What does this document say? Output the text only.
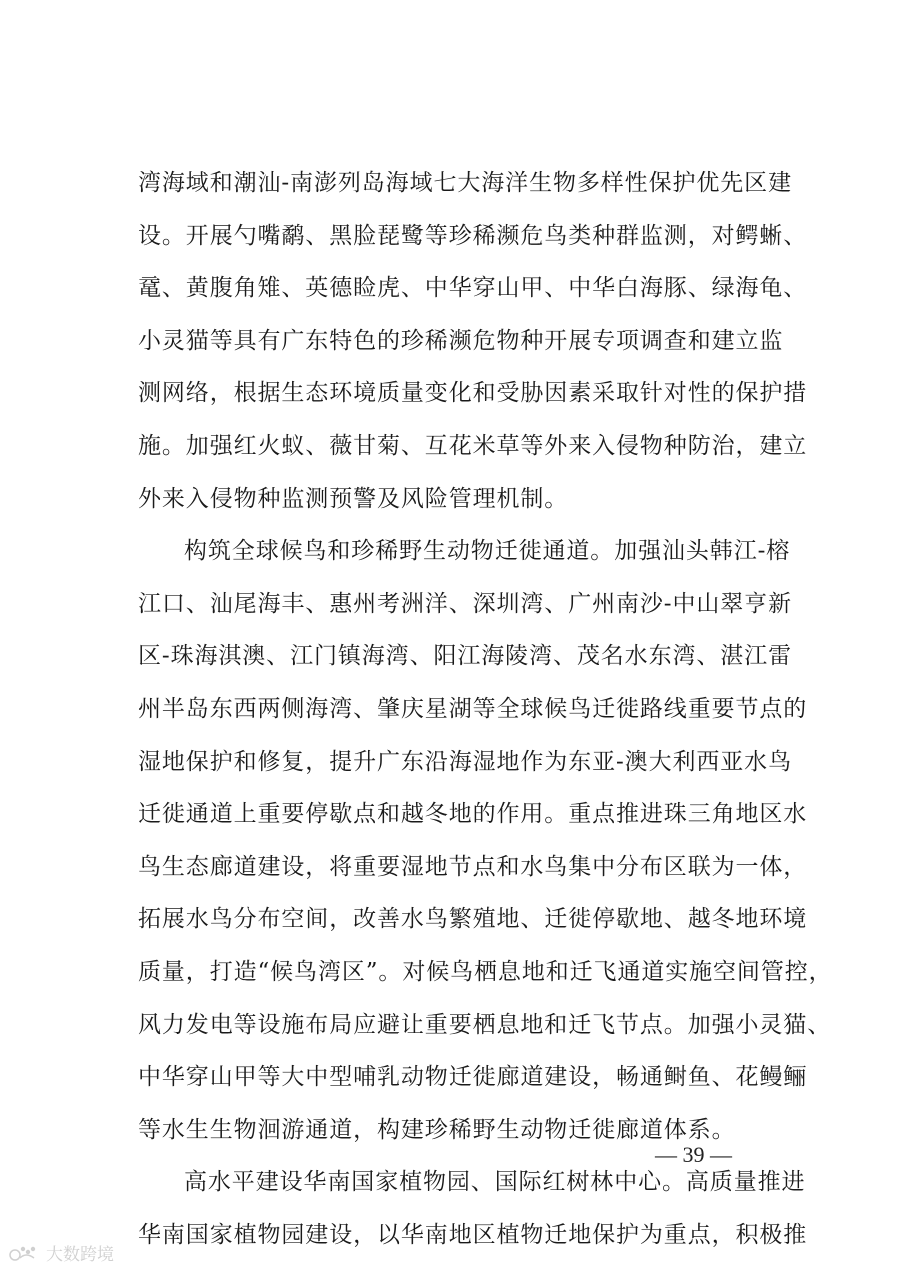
湾海域和潮汕-南澎列岛海域七大海洋生物多样性保护优先区建
设。开展勺嘴鹬、黑脸琵鹭等珍稀濒危鸟类种群监测，对鳄蜥、
鼋、黄腹角雉、英德睑虎、中华穿山甲、中华白海豚、绿海龟、
小灵猫等具有广东特色的珍稀濒危物种开展专项调查和建立监
测网络，根据生态环境质量变化和受胁因素采取针对性的保护措
施。加强红火蚁、薇甘菊、互花米草等外来入侵物种防治，建立
外来入侵物种监测预警及风险管理机制。
构筑全球候鸟和珍稀野生动物迁徙通道。加强汕头韩江-榕
江口、汕尾海丰、惠州考洲洋、深圳湾、广州南沙-中山翠亨新
区-珠海淇澳、江门镇海湾、阳江海陵湾、茂名水东湾、湛江雷
州半岛东西两侧海湾、肇庆星湖等全球候鸟迁徙路线重要节点的
湿地保护和修复，提升广东沿海湿地作为东亚-澳大利西亚水鸟
迁徙通道上重要停歇点和越冬地的作用。重点推进珠三角地区水
鸟生态廊道建设，将重要湿地节点和水鸟集中分布区联为一体，
拓展水鸟分布空间，改善水鸟繁殖地、迁徙停歇地、越冬地环境
质量，打造“候鸟湾区”。对候鸟栖息地和迁飞通道实施空间管控，
风力发电等设施布局应避让重要栖息地和迁飞节点。加强小灵猫、
中华穿山甲等大中型哺乳动物迁徙廊道建设，畅通鲥鱼、花鳗鲡
等水生生物洄游通道，构建珍稀野生动物迁徙廊道体系。
高水平建设华南国家植物园、国际红树林中心。高质量推进
华南国家植物园建设，以华南地区植物迁地保护为重点，积极推
— 39 —
大数跨境
